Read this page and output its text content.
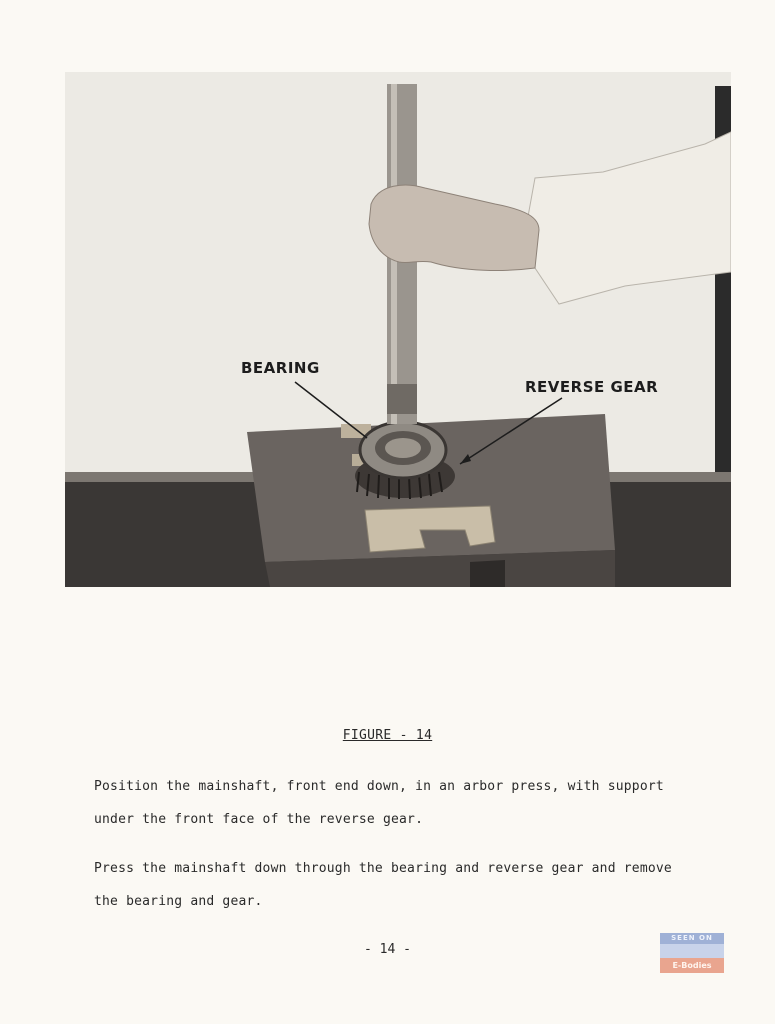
BEARING
REVERSE GEAR
FIGURE - 14

Position the mainshaft, front end down, in an arbor press, with support under the front face of the reverse gear.

Press the mainshaft down through the bearing and reverse gear and remove the bearing and gear.

- 14 -
SEEN ON
E-Bodies
